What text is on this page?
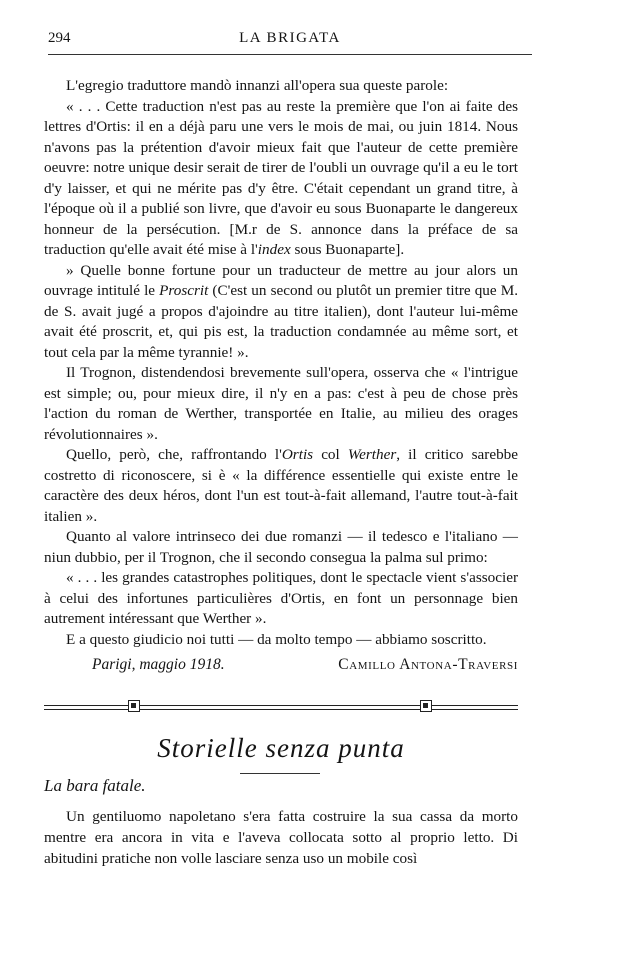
294	LA BRIGATA

L'egregio traduttore mandò innanzi all'opera sua queste parole:

« . . . Cette traduction n'est pas au reste la première que l'on ai faite des lettres d'Ortis: il en a déjà paru une vers le mois de mai, ou juin 1814. Nous n'avons pas la prétention d'avoir mieux fait que l'auteur de cette première oeuvre: notre unique desir serait de tirer de l'oubli un ouvrage qu'il a eu le tort d'y laisser, et qui ne mérite pas d'y être. C'était cependant un grand titre, à l'époque où il a publié son livre, que d'avoir eu sous Buonaparte le dangereux honneur de la persécution. [M.r de S. annonce dans la préface de sa traduction qu'elle avait été mise à l'index sous Buonaparte].

» Quelle bonne fortune pour un traducteur de mettre au jour alors un ouvrage intitulé le Proscrit (C'est un second ou plutôt un premier titre que M. de S. avait jugé a propos d'ajoindre au titre italien), dont l'auteur lui-même avait été proscrit, et, qui pis est, la traduction condamnée au même sort, et tout cela par la même tyrannie! ».

Il Trognon, distendendosi brevemente sull'opera, osserva che « l'intrigue est simple; ou, pour mieux dire, il n'y en a pas: c'est à peu de chose près l'action du roman de Werther, transportée en Italie, au milieu des orages révolutionnaires ».

Quello, però, che, raffrontando l'Ortis col Werther, il critico sarebbe costretto di riconoscere, si è « la différence essentielle qui existe entre le caractère des deux héros, dont l'un est tout-à-fait allemand, l'autre tout-à-fait italien ».

Quanto al valore intrinseco dei due romanzi — il tedesco e l'italiano — niun dubbio, per il Trognon, che il secondo consegua la palma sul primo:

« . . . les grandes catastrophes politiques, dont le spectacle vient s'associer à celui des infortunes particulières d'Ortis, en font un personnage bien autrement intéressant que Werther ».

E a questo giudicio noi tutti — da molto tempo — abbiamo soscritto.

Parigi, maggio 1918.	Camillo Antona-Traversi
Storielle senza punta
La bara fatale.

Un gentiluomo napoletano s'era fatta costruire la sua cassa da morto mentre era ancora in vita e l'aveva collocata sotto al proprio letto. Di abitudini pratiche non volle lasciare senza uso un mobile così
